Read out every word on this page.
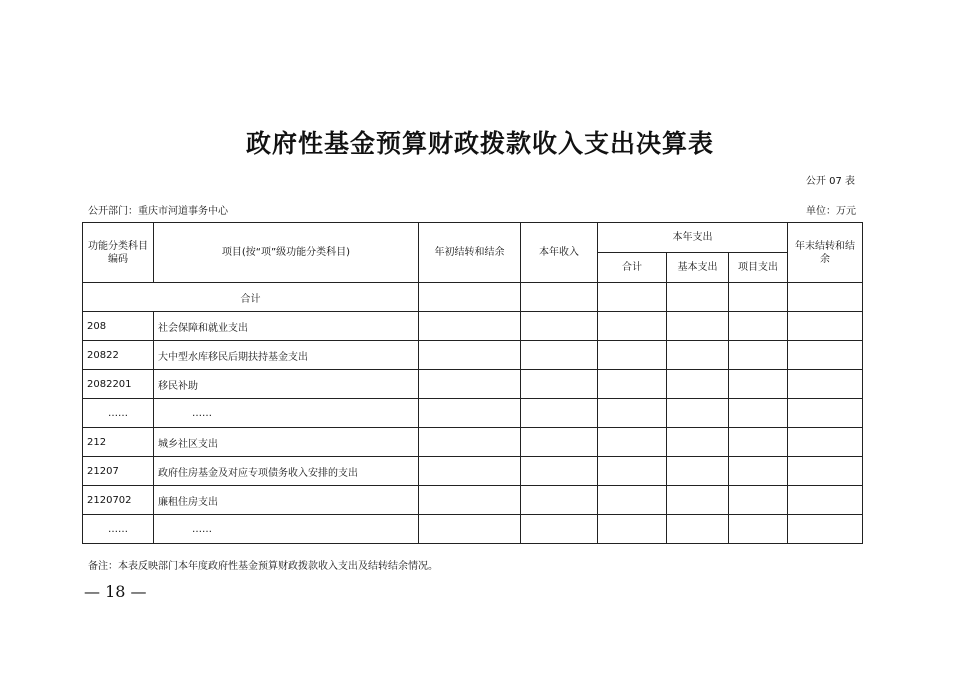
政府性基金预算财政拨款收入支出决算表
公开 07 表
公开部门：重庆市河道事务中心	单位：万元
功能分类科目编码	项目(按“项”级功能分类科目)	年初结转和结余	本年收入	本年支出			年末结转和结余
				合计	基本支出	项目支出	
合计							
208	社会保障和就业支出						
20822	大中型水库移民后期扶持基金支出						
2082201	移民补助						
……	……						
212	城乡社区支出						
21207	政府住房基金及对应专项债务收入安排的支出						
2120702	廉租住房支出						
……	……						
备注：本表反映部门本年度政府性基金预算财政拨款收入支出及结转结余情况。
— 18 —
